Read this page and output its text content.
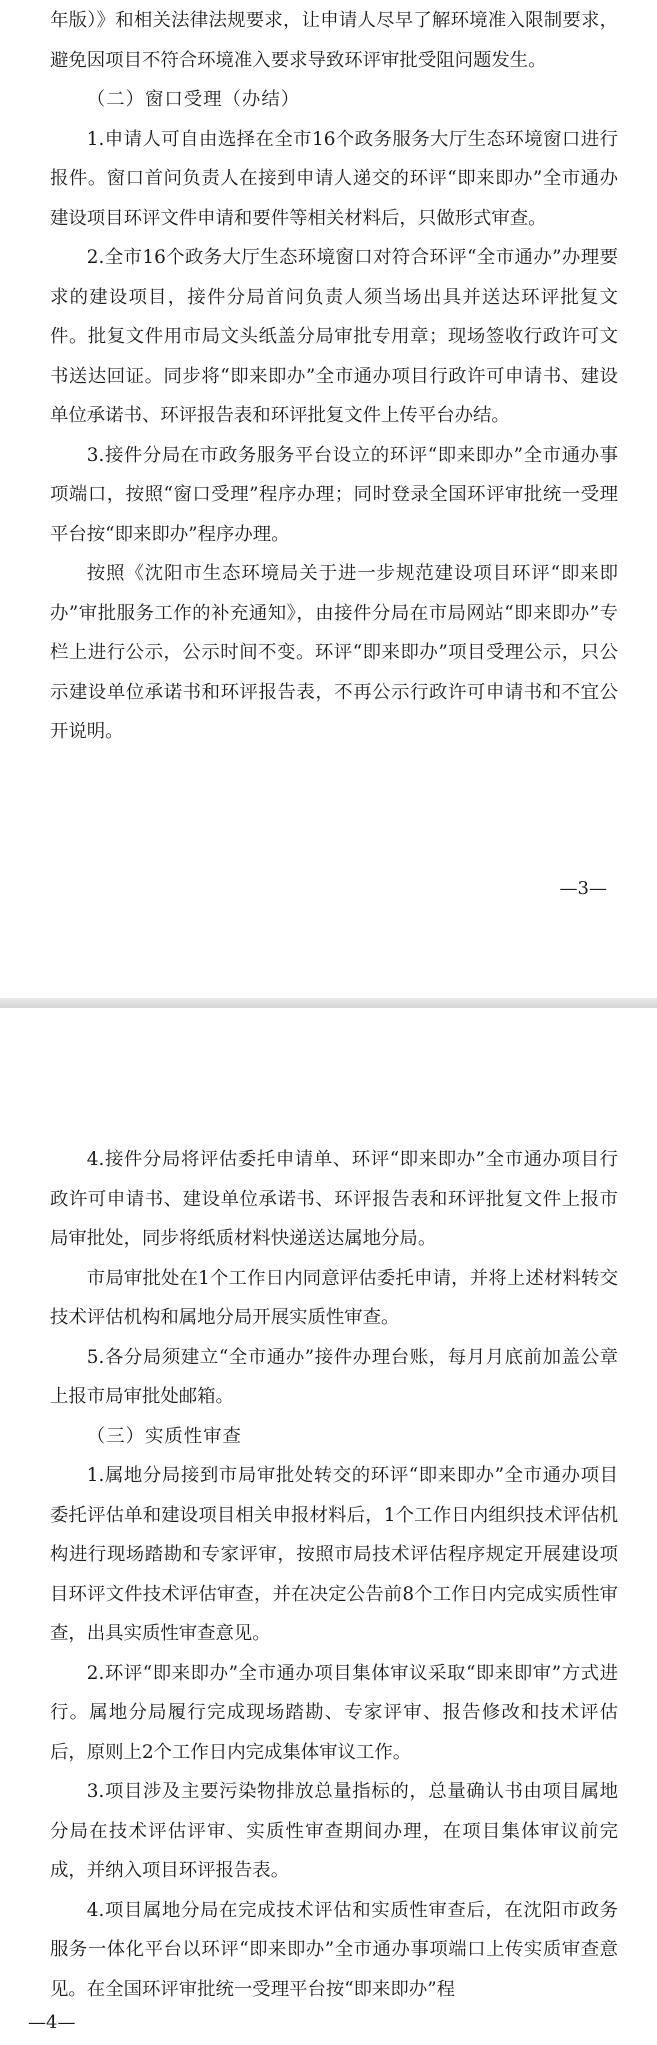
年版）》和相关法律法规要求，让申请人尽早了解环境准入限制要求，避免因项目不符合环境准入要求导致环评审批受阻问题发生。

（二）窗口受理（办结）

1.申请人可自由选择在全市16个政务服务大厅生态环境窗口进行报件。窗口首问负责人在接到申请人递交的环评“即来即办”全市通办建设项目环评文件申请和要件等相关材料后，只做形式审查。

2.全市16个政务大厅生态环境窗口对符合环评“全市通办”办理要求的建设项目，接件分局首问负责人须当场出具并送达环评批复文件。批复文件用市局文头纸盖分局审批专用章；现场签收行政许可文书送达回证。同步将“即来即办”全市通办项目行政许可申请书、建设单位承诺书、环评报告表和环评批复文件上传平台办结。

3.接件分局在市政务服务平台设立的环评“即来即办”全市通办事项端口，按照“窗口受理”程序办理；同时登录全国环评审批统一受理平台按“即来即办”程序办理。

按照《沈阳市生态环境局关于进一步规范建设项目环评“即来即办”审批服务工作的补充通知》，由接件分局在市局网站“即来即办”专栏上进行公示，公示时间不变。环评“即来即办”项目受理公示，只公示建设单位承诺书和环评报告表，不再公示行政许可申请书和不宜公开说明。

—3—

4.接件分局将评估委托申请单、环评“即来即办”全市通办项目行政许可申请书、建设单位承诺书、环评报告表和环评批复文件上报市局审批处，同步将纸质材料快递送达属地分局。

市局审批处在1个工作日内同意评估委托申请，并将上述材料转交技术评估机构和属地分局开展实质性审查。

5.各分局须建立“全市通办”接件办理台账，每月月底前加盖公章上报市局审批处邮箱。

（三）实质性审查

1.属地分局接到市局审批处转交的环评“即来即办”全市通办项目委托评估单和建设项目相关申报材料后，1个工作日内组织技术评估机构进行现场踏勘和专家评审，按照市局技术评估程序规定开展建设项目环评文件技术评估审查，并在决定公告前8个工作日内完成实质性审查，出具实质性审查意见。

2.环评“即来即办”全市通办项目集体审议采取“即来即审”方式进行。属地分局履行完成现场踏勘、专家评审、报告修改和技术评估后，原则上2个工作日内完成集体审议工作。

3.项目涉及主要污染物排放总量指标的，总量确认书由项目属地分局在技术评估评审、实质性审查期间办理，在项目集体审议前完成，并纳入项目环评报告表。

4.项目属地分局在完成技术评估和实质性审查后，在沈阳市政务服务一体化平台以环评“即来即办”全市通办事项端口上传实质审查意见。在全国环评审批统一受理平台按“即来即办”程

—4—
